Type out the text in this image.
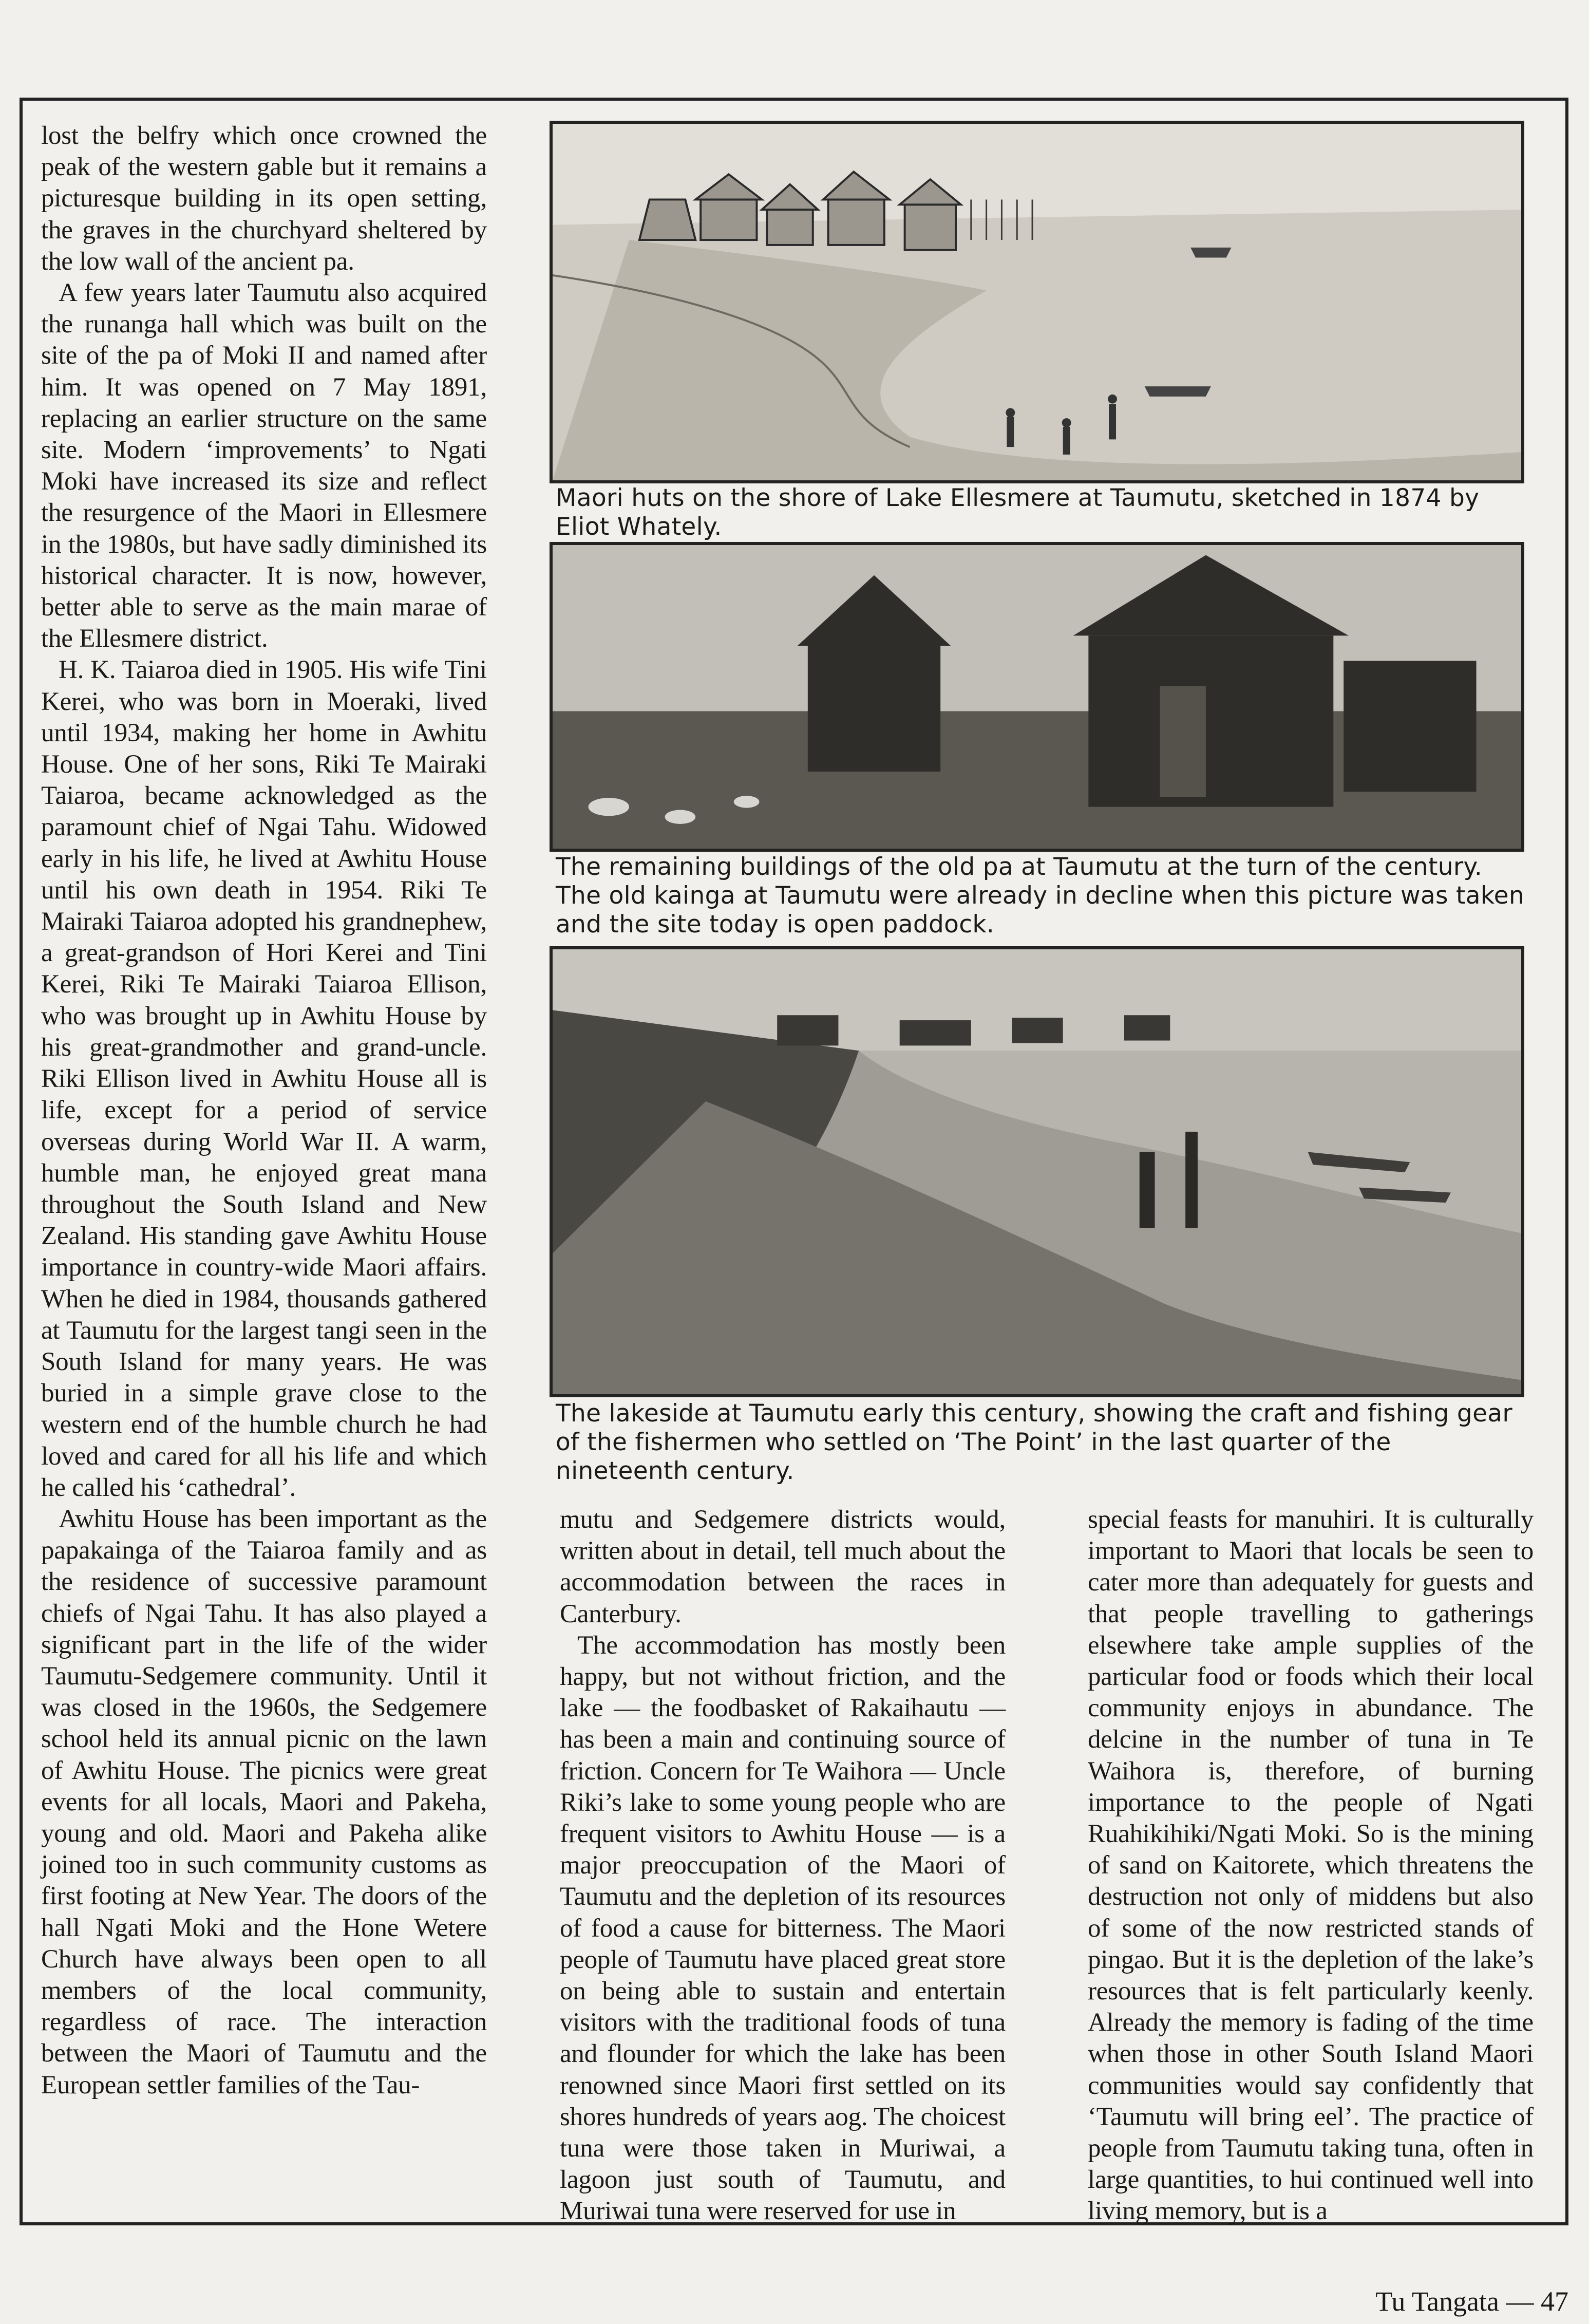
lost the belfry which once crowned the peak of the western gable but it remains a picturesque building in its open setting, the graves in the churchyard sheltered by the low wall of the ancient pa.

A few years later Taumutu also acquired the runanga hall which was built on the site of the pa of Moki II and named after him. It was opened on 7 May 1891, replacing an earlier structure on the same site. Modern ‘improvements’ to Ngati Moki have increased its size and reflect the resurgence of the Maori in Ellesmere in the 1980s, but have sadly diminished its historical character. It is now, however, better able to serve as the main marae of the Ellesmere district.

H. K. Taiaroa died in 1905. His wife Tini Kerei, who was born in Moeraki, lived until 1934, making her home in Awhitu House. One of her sons, Riki Te Mairaki Taiaroa, became acknowledged as the paramount chief of Ngai Tahu. Widowed early in his life, he lived at Awhitu House until his own death in 1954. Riki Te Mairaki Taiaroa adopted his grandnephew, a great-grandson of Hori Kerei and Tini Kerei, Riki Te Mairaki Taiaroa Ellison, who was brought up in Awhitu House by his great-grandmother and grand-uncle. Riki Ellison lived in Awhitu House all is life, except for a period of service overseas during World War II. A warm, humble man, he enjoyed great mana throughout the South Island and New Zealand. His standing gave Awhitu House importance in country-wide Maori affairs. When he died in 1984, thousands gathered at Taumutu for the largest tangi seen in the South Island for many years. He was buried in a simple grave close to the western end of the humble church he had loved and cared for all his life and which he called his ‘cathedral’.

Awhitu House has been important as the papakainga of the Taiaroa family and as the residence of successive paramount chiefs of Ngai Tahu. It has also played a significant part in the life of the wider Taumutu-Sedgemere community. Until it was closed in the 1960s, the Sedgemere school held its annual picnic on the lawn of Awhitu House. The picnics were great events for all locals, Maori and Pakeha, young and old. Maori and Pakeha alike joined too in such community customs as first footing at New Year. The doors of the hall Ngati Moki and the Hone Wetere Church have always been open to all members of the local community, regardless of race. The interaction between the Maori of Taumutu and the European settler families of the Tau-

Maori huts on the shore of Lake Ellesmere at Taumutu, sketched in 1874 by Eliot Whately.
The remaining buildings of the old pa at Taumutu at the turn of the century. The old kainga at Taumutu were already in decline when this picture was taken and the site today is open paddock.
The lakeside at Taumutu early this century, showing the craft and fishing gear of the fishermen who settled on ‘The Point’ in the last quarter of the nineteenth century.

mutu and Sedgemere districts would, written about in detail, tell much about the accommodation between the races in Canterbury.

The accommodation has mostly been happy, but not without friction, and the lake — the foodbasket of Rakaihautu — has been a main and continuing source of friction. Concern for Te Waihora — Uncle Riki’s lake to some young people who are frequent visitors to Awhitu House — is a major preoccupation of the Maori of Taumutu and the depletion of its resources of food a cause for bitterness. The Maori people of Taumutu have placed great store on being able to sustain and entertain visitors with the traditional foods of tuna and flounder for which the lake has been renowned since Maori first settled on its shores hundreds of years aog. The choicest tuna were those taken in Muriwai, a lagoon just south of Taumutu, and Muriwai tuna were reserved for use in

special feasts for manuhiri. It is culturally important to Maori that locals be seen to cater more than adequately for guests and that people travelling to gatherings elsewhere take ample supplies of the particular food or foods which their local community enjoys in abundance. The delcine in the number of tuna in Te Waihora is, therefore, of burning importance to the people of Ngati Ruahikihiki/Ngati Moki. So is the mining of sand on Kaitorete, which threatens the destruction not only of middens but also of some of the now restricted stands of pingao. But it is the depletion of the lake’s resources that is felt particularly keenly. Already the memory is fading of the time when those in other South Island Maori communities would say confidently that ‘Taumutu will bring eel’. The practice of people from Taumutu taking tuna, often in large quantities, to hui continued well into living memory, but is a

Tu Tangata — 47
